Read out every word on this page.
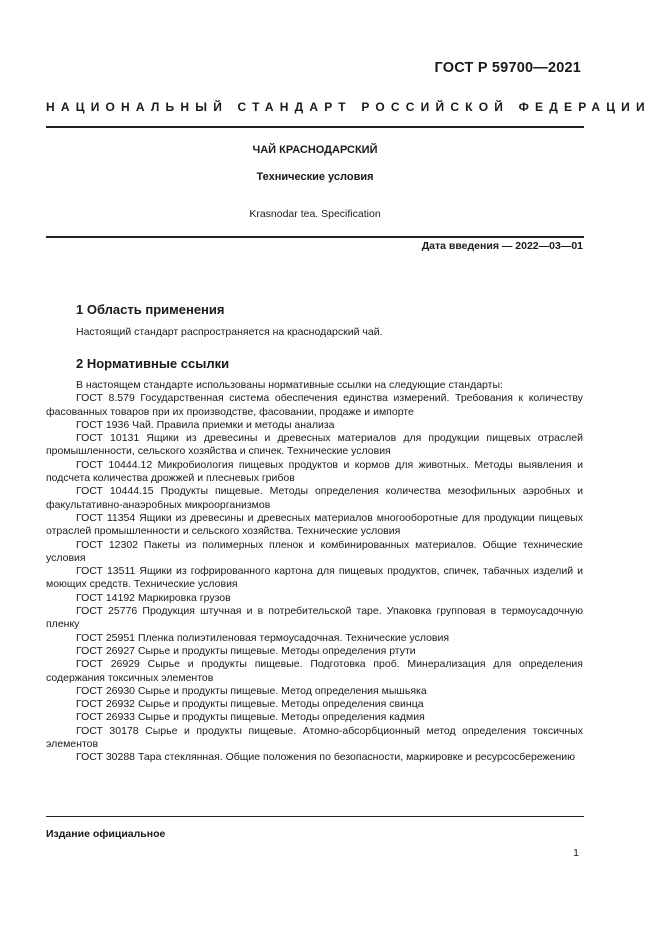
ГОСТ Р 59700—2021
НАЦИОНАЛЬНЫЙ СТАНДАРТ РОССИЙСКОЙ ФЕДЕРАЦИИ
ЧАЙ КРАСНОДАРСКИЙ
Технические условия
Krasnodar tea. Specification
Дата введения — 2022—03—01
1 Область применения
Настоящий стандарт распространяется на краснодарский чай.
2 Нормативные ссылки

В настоящем стандарте использованы нормативные ссылки на следующие стандарты:

ГОСТ 8.579 Государственная система обеспечения единства измерений. Требования к количеству фасованных товаров при их производстве, фасовании, продаже и импорте

ГОСТ 1936 Чай. Правила приемки и методы анализа

ГОСТ 10131 Ящики из древесины и древесных материалов для продукции пищевых отраслей промышленности, сельского хозяйства и спичек. Технические условия

ГОСТ 10444.12 Микробиология пищевых продуктов и кормов для животных. Методы выявления и подсчета количества дрожжей и плесневых грибов

ГОСТ 10444.15 Продукты пищевые. Методы определения количества мезофильных аэробных и факультативно-анаэробных микроорганизмов

ГОСТ 11354 Ящики из древесины и древесных материалов многооборотные для продукции пищевых отраслей промышленности и сельского хозяйства. Технические условия

ГОСТ 12302 Пакеты из полимерных пленок и комбинированных материалов. Общие технические условия

ГОСТ 13511 Ящики из гофрированного картона для пищевых продуктов, спичек, табачных изделий и моющих средств. Технические условия

ГОСТ 14192 Маркировка грузов

ГОСТ 25776 Продукция штучная и в потребительской таре. Упаковка групповая в термоусадочную пленку

ГОСТ 25951 Пленка полиэтиленовая термоусадочная. Технические условия

ГОСТ 26927 Сырье и продукты пищевые. Методы определения ртути

ГОСТ 26929 Сырье и продукты пищевые. Подготовка проб. Минерализация для определения содержания токсичных элементов

ГОСТ 26930 Сырье и продукты пищевые. Метод определения мышьяка

ГОСТ 26932 Сырье и продукты пищевые. Методы определения свинца

ГОСТ 26933 Сырье и продукты пищевые. Методы определения кадмия

ГОСТ 30178 Сырье и продукты пищевые. Атомно-абсорбционный метод определения токсичных элементов

ГОСТ 30288 Тара стеклянная. Общие положения по безопасности, маркировке и ресурсосбережению

Издание официальное
1
